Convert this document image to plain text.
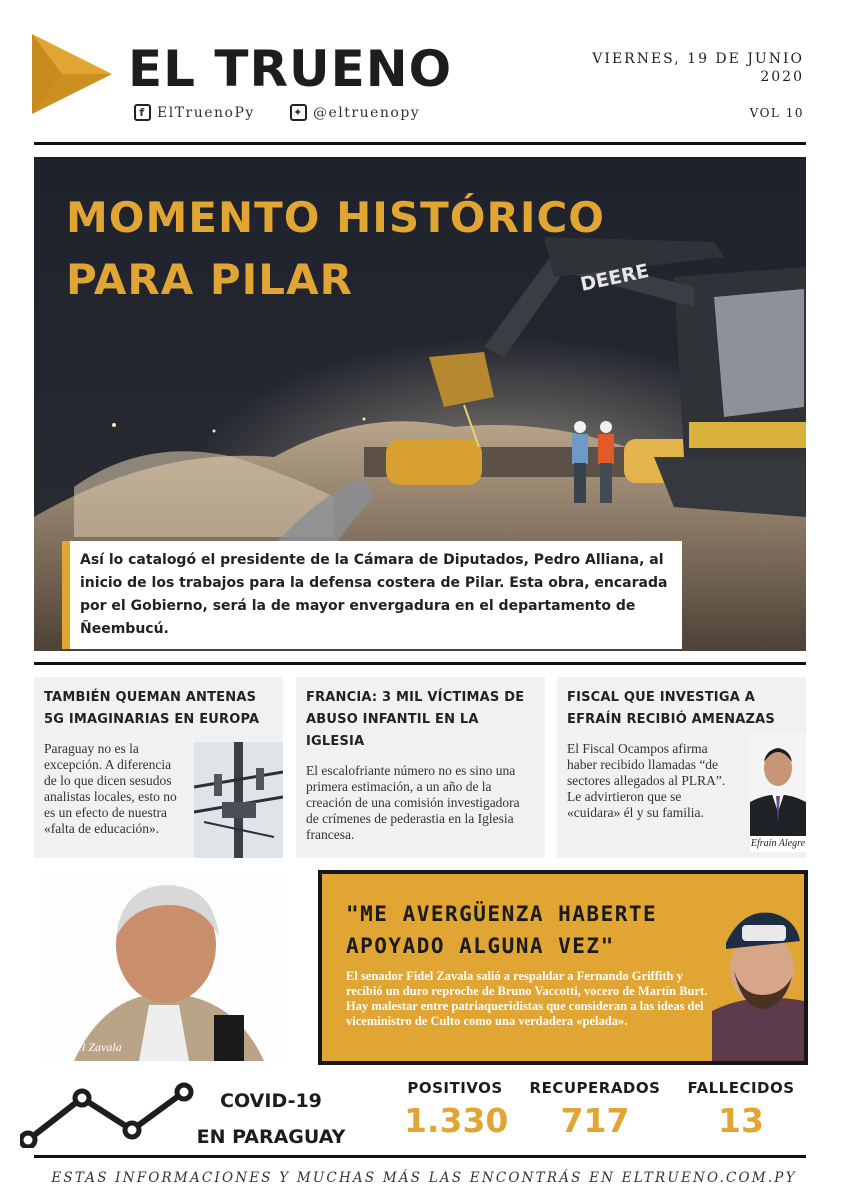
EL TRUENO
f ElTruenoPy	✦ @eltruenopy
VIERNES, 19 DE JUNIO 2020
VOL 10
DEERE
MOMENTO HISTÓRICO
PARA PILAR
Así lo catalogó el presidente de la Cámara de Diputados, Pedro Alliana, al inicio de los trabajos para la defensa costera de Pilar. Esta obra, encarada por el Gobierno, será la de mayor envergadura en el departamento de Ñeembucú.
TAMBIÉN QUEMAN ANTENAS 5G IMAGINARIAS EN EUROPA

Paraguay no es la excepción. A diferencia de lo que dicen sesudos analistas locales, esto no es un efecto de nuestra «falta de educación».

FRANCIA: 3 MIL VÍCTIMAS DE ABUSO INFANTIL EN LA IGLESIA

El escalofriante número no es sino una primera estimación, a un año de la creación de una comisión investigadora de crímenes de pederastia en la Iglesia francesa.

FISCAL QUE INVESTIGA A EFRAÍN RECIBIÓ AMENAZAS

El Fiscal Ocampos afirma haber recibido llamadas “de sectores allegados al PLRA”. Le advirtieron que se «cuidara» él y su familia.

Efraín Alegre
Fidel Zavala
"ME AVERGÜENZA HABERTE APOYADO ALGUNA VEZ"
El senador Fidel Zavala salió a respaldar a Fernando Griffith y recibió un duro reproche de Bruno Vaccotti, vocero de Martín Burt. Hay malestar entre patriaqueridistas que consideran a las ideas del viceministro de Culto como una verdadera «pelada».
COVID-19
EN PARAGUAY
POSITIVOS
1.330
RECUPERADOS
717
FALLECIDOS
13
ESTAS INFORMACIONES Y MUCHAS MÁS LAS ENCONTRÁS EN ELTRUENO.COM.PY
